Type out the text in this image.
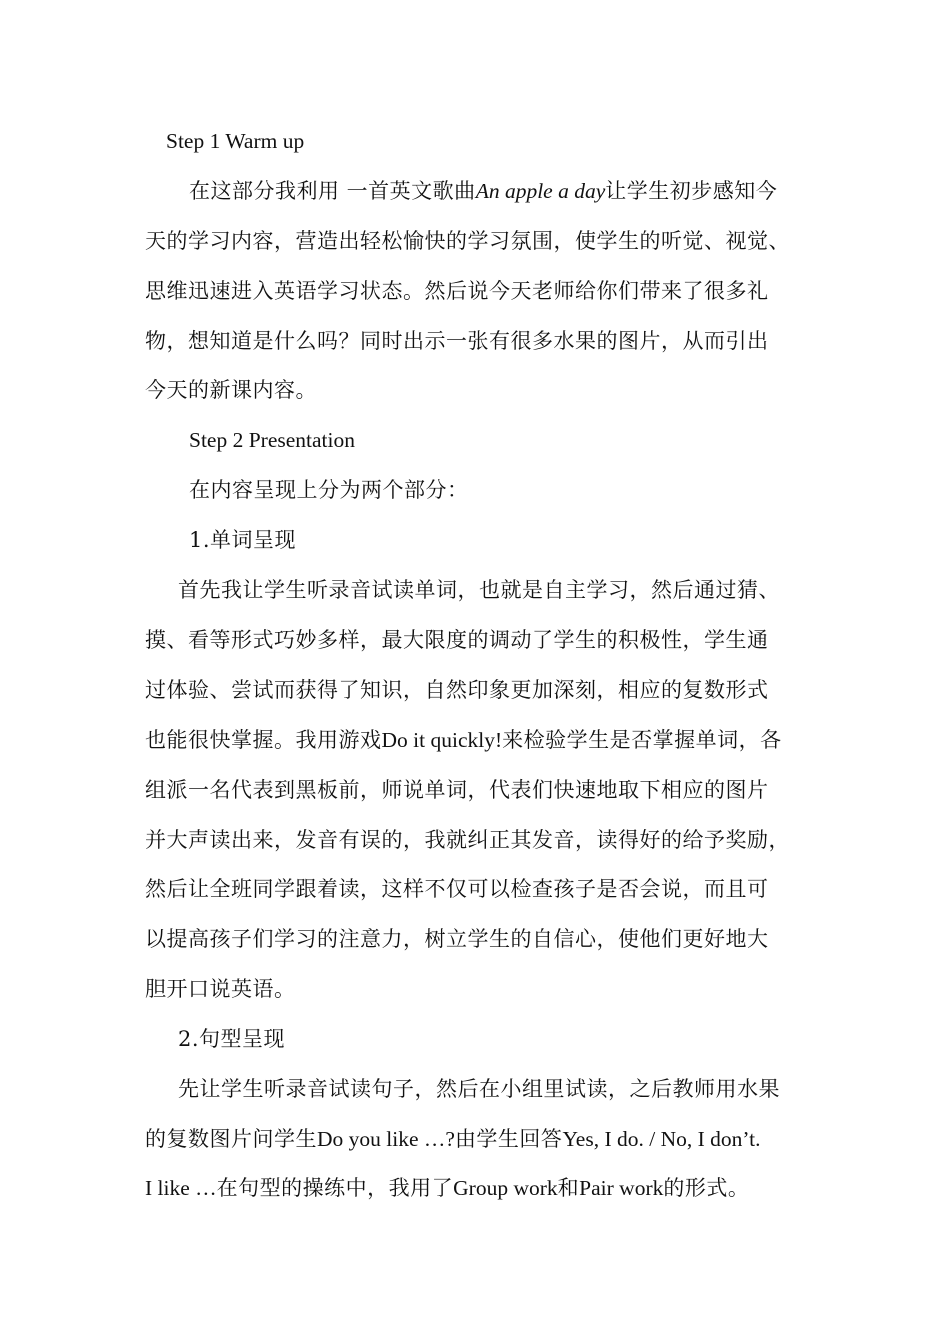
Step 1 Warm up
在这部分我利用 一首英文歌曲An apple a day让学生初步感知今
天的学习内容，营造出轻松愉快的学习氛围，使学生的听觉、视觉、
思维迅速进入英语学习状态。然后说今天老师给你们带来了很多礼
物，想知道是什么吗？同时出示一张有很多水果的图片，从而引出
今天的新课内容。
Step 2 Presentation
在内容呈现上分为两个部分：
1.单词呈现
首先我让学生听录音试读单词，也就是自主学习，然后通过猜、
摸、看等形式巧妙多样，最大限度的调动了学生的积极性，学生通
过体验、尝试而获得了知识，自然印象更加深刻，相应的复数形式
也能很快掌握。我用游戏Do it quickly!来检验学生是否掌握单词，各
组派一名代表到黑板前，师说单词，代表们快速地取下相应的图片
并大声读出来，发音有误的，我就纠正其发音，读得好的给予奖励，
然后让全班同学跟着读，这样不仅可以检查孩子是否会说，而且可
以提高孩子们学习的注意力，树立学生的自信心，使他们更好地大
胆开口说英语。
2.句型呈现
先让学生听录音试读句子，然后在小组里试读，之后教师用水果
的复数图片问学生Do you like …?由学生回答Yes, I do. / No, I don’t.
I like …在句型的操练中，我用了Group work和Pair work的形式。
